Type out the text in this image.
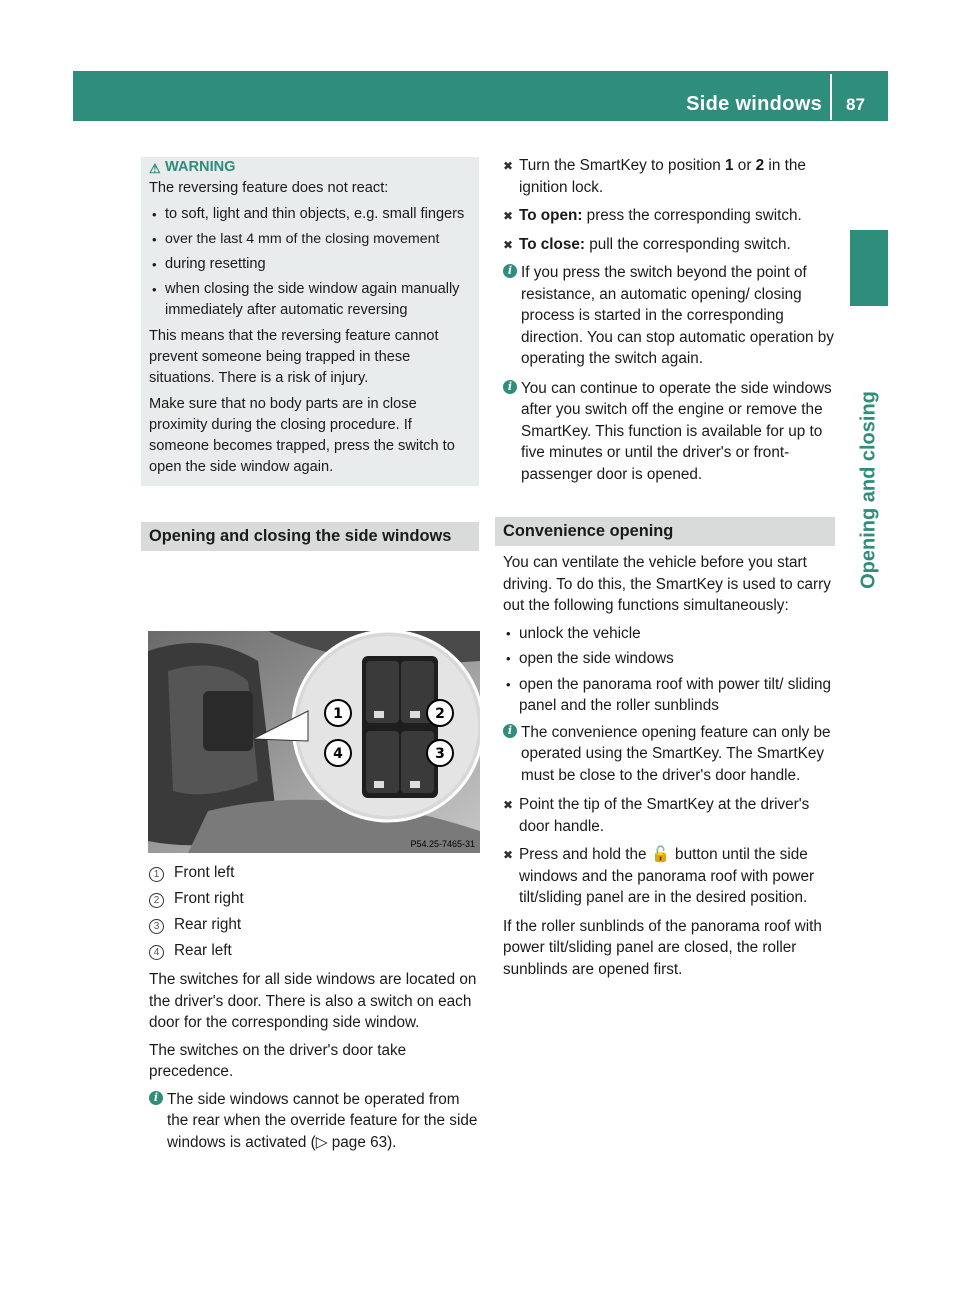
Side windows 87
Opening and closing
⚠ WARNING

The reversing feature does not react:

• to soft, light and thin objects, e.g. small fingers
• over the last 4 mm of the closing movement
• during resetting
• when closing the side window again manually immediately after automatic reversing

This means that the reversing feature cannot prevent someone being trapped in these situations. There is a risk of injury.

Make sure that no body parts are in close proximity during the closing procedure. If someone becomes trapped, press the switch to open the side window again.

Opening and closing the side windows
1	2
3
4
P54.25-7465-31
1 Front left
2 Front right
3 Rear right
4 Rear left

The switches for all side windows are located on the driver's door. There is also a switch on each door for the corresponding side window.

The switches on the driver's door take precedence.

i The side windows cannot be operated from the rear when the override feature for the side windows is activated (▷ page 63).
✖ Turn the SmartKey to position 1 or 2 in the ignition lock.
✖ To open: press the corresponding switch.
✖ To close: pull the corresponding switch.
i If you press the switch beyond the point of resistance, an automatic opening/ closing process is started in the corresponding direction. You can stop automatic operation by operating the switch again.
i You can continue to operate the side windows after you switch off the engine or remove the SmartKey. This function is available for up to five minutes or until the driver's or front-passenger door is opened.
Convenience opening

You can ventilate the vehicle before you start driving. To do this, the SmartKey is used to carry out the following functions simultaneously:

• unlock the vehicle
• open the side windows
• open the panorama roof with power tilt/ sliding panel and the roller sunblinds
i The convenience opening feature can only be operated using the SmartKey. The SmartKey must be close to the driver's door handle.
✖ Point the tip of the SmartKey at the driver's door handle.
✖ Press and hold the 🔓 button until the side windows and the panorama roof with power tilt/sliding panel are in the desired position.

If the roller sunblinds of the panorama roof with power tilt/sliding panel are closed, the roller sunblinds are opened first.
